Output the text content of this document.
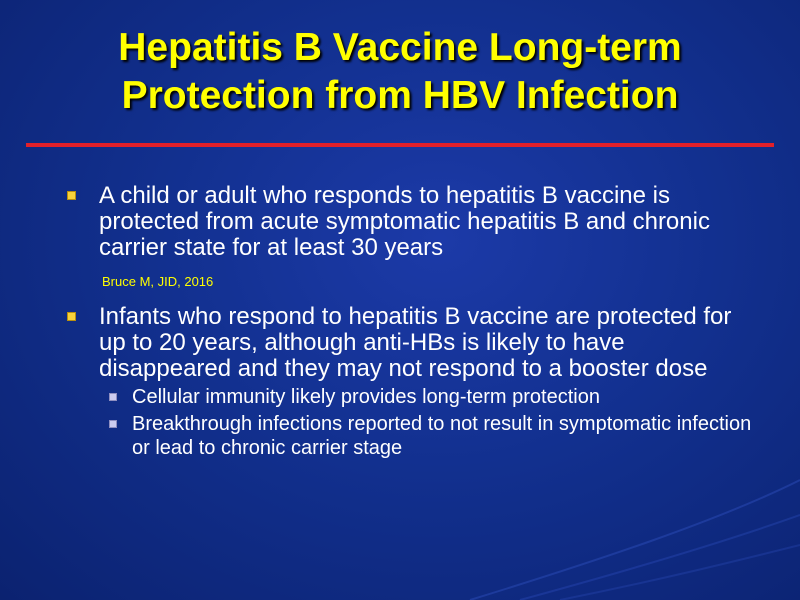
Hepatitis B Vaccine Long-term
Protection from HBV Infection
A child or adult who responds to hepatitis B vaccine is protected from acute symptomatic hepatitis B and chronic carrier state for at least 30 years
Bruce M, JID, 2016
Infants who respond to hepatitis B vaccine are protected for up to 20 years, although anti-HBs is likely to have disappeared and they may not respond to a booster dose
Cellular immunity likely provides long-term protection
Breakthrough infections reported to not result in symptomatic infection or lead to chronic carrier stage
